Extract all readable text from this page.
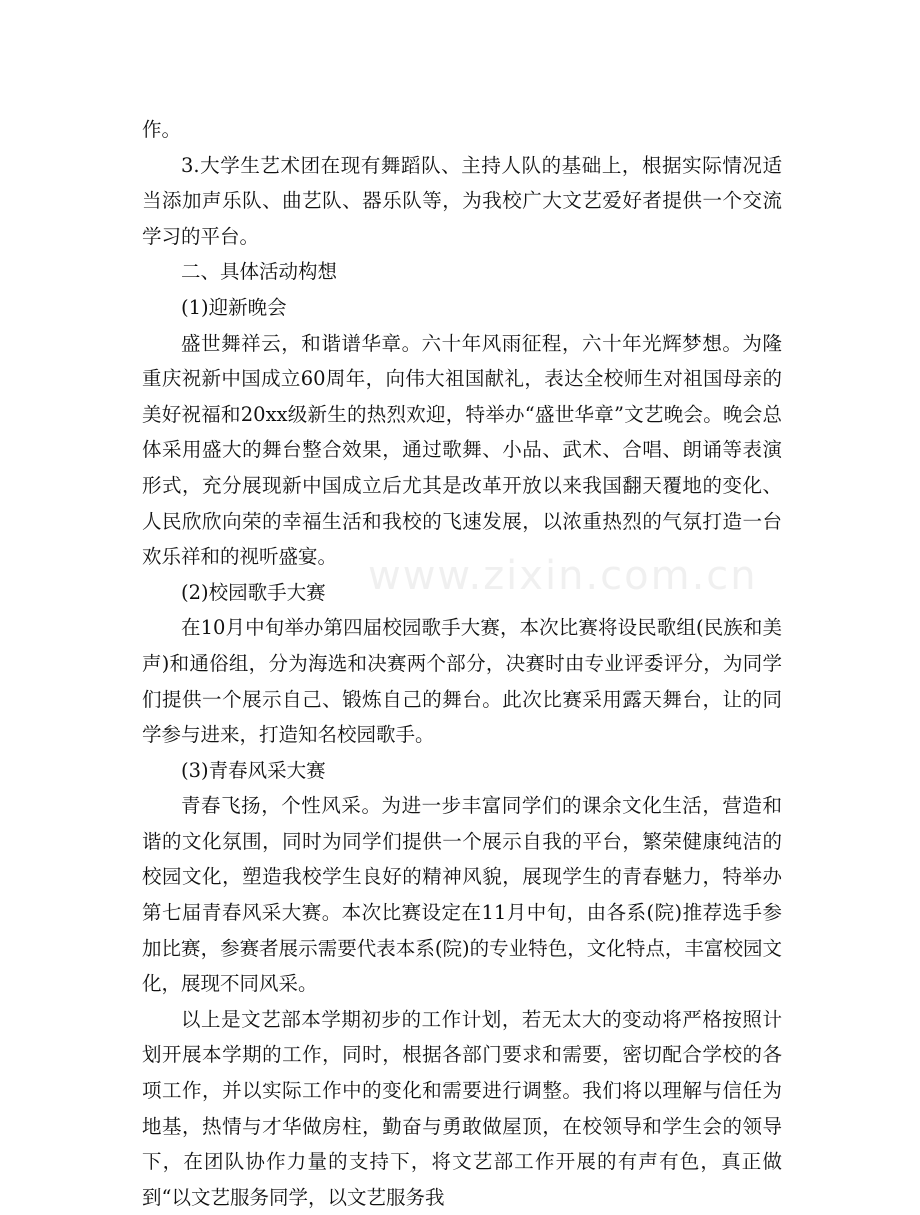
作。

3.大学生艺术团在现有舞蹈队、主持人队的基础上，根据实际情况适当添加声乐队、曲艺队、器乐队等，为我校广大文艺爱好者提供一个交流学习的平台。

二、具体活动构想

(1)迎新晚会

盛世舞祥云，和谐谱华章。六十年风雨征程，六十年光辉梦想。为隆重庆祝新中国成立60周年，向伟大祖国献礼，表达全校师生对祖国母亲的美好祝福和20xx级新生的热烈欢迎，特举办“盛世华章”文艺晚会。晚会总体采用盛大的舞台整合效果，通过歌舞、小品、武术、合唱、朗诵等表演形式，充分展现新中国成立后尤其是改革开放以来我国翻天覆地的变化、人民欣欣向荣的幸福生活和我校的飞速发展，以浓重热烈的气氛打造一台欢乐祥和的视听盛宴。

(2)校园歌手大赛

在10月中旬举办第四届校园歌手大赛，本次比赛将设民歌组(民族和美声)和通俗组，分为海选和决赛两个部分，决赛时由专业评委评分，为同学们提供一个展示自己、锻炼自己的舞台。此次比赛采用露天舞台，让的同学参与进来，打造知名校园歌手。

(3)青春风采大赛

青春飞扬，个性风采。为进一步丰富同学们的课余文化生活，营造和谐的文化氛围，同时为同学们提供一个展示自我的平台，繁荣健康纯洁的校园文化，塑造我校学生良好的精神风貌，展现学生的青春魅力，特举办第七届青春风采大赛。本次比赛设定在11月中旬，由各系(院)推荐选手参加比赛，参赛者展示需要代表本系(院)的专业特色，文化特点，丰富校园文化，展现不同风采。

以上是文艺部本学期初步的工作计划，若无太大的变动将严格按照计划开展本学期的工作，同时，根据各部门要求和需要，密切配合学校的各项工作，并以实际工作中的变化和需要进行调整。我们将以理解与信任为地基，热情与才华做房柱，勤奋与勇敢做屋顶，在校领导和学生会的领导下，在团队协作力量的支持下，将文艺部工作开展的有声有色，真正做到“以文艺服务同学，以文艺服务我

www.zixin.com.cn
